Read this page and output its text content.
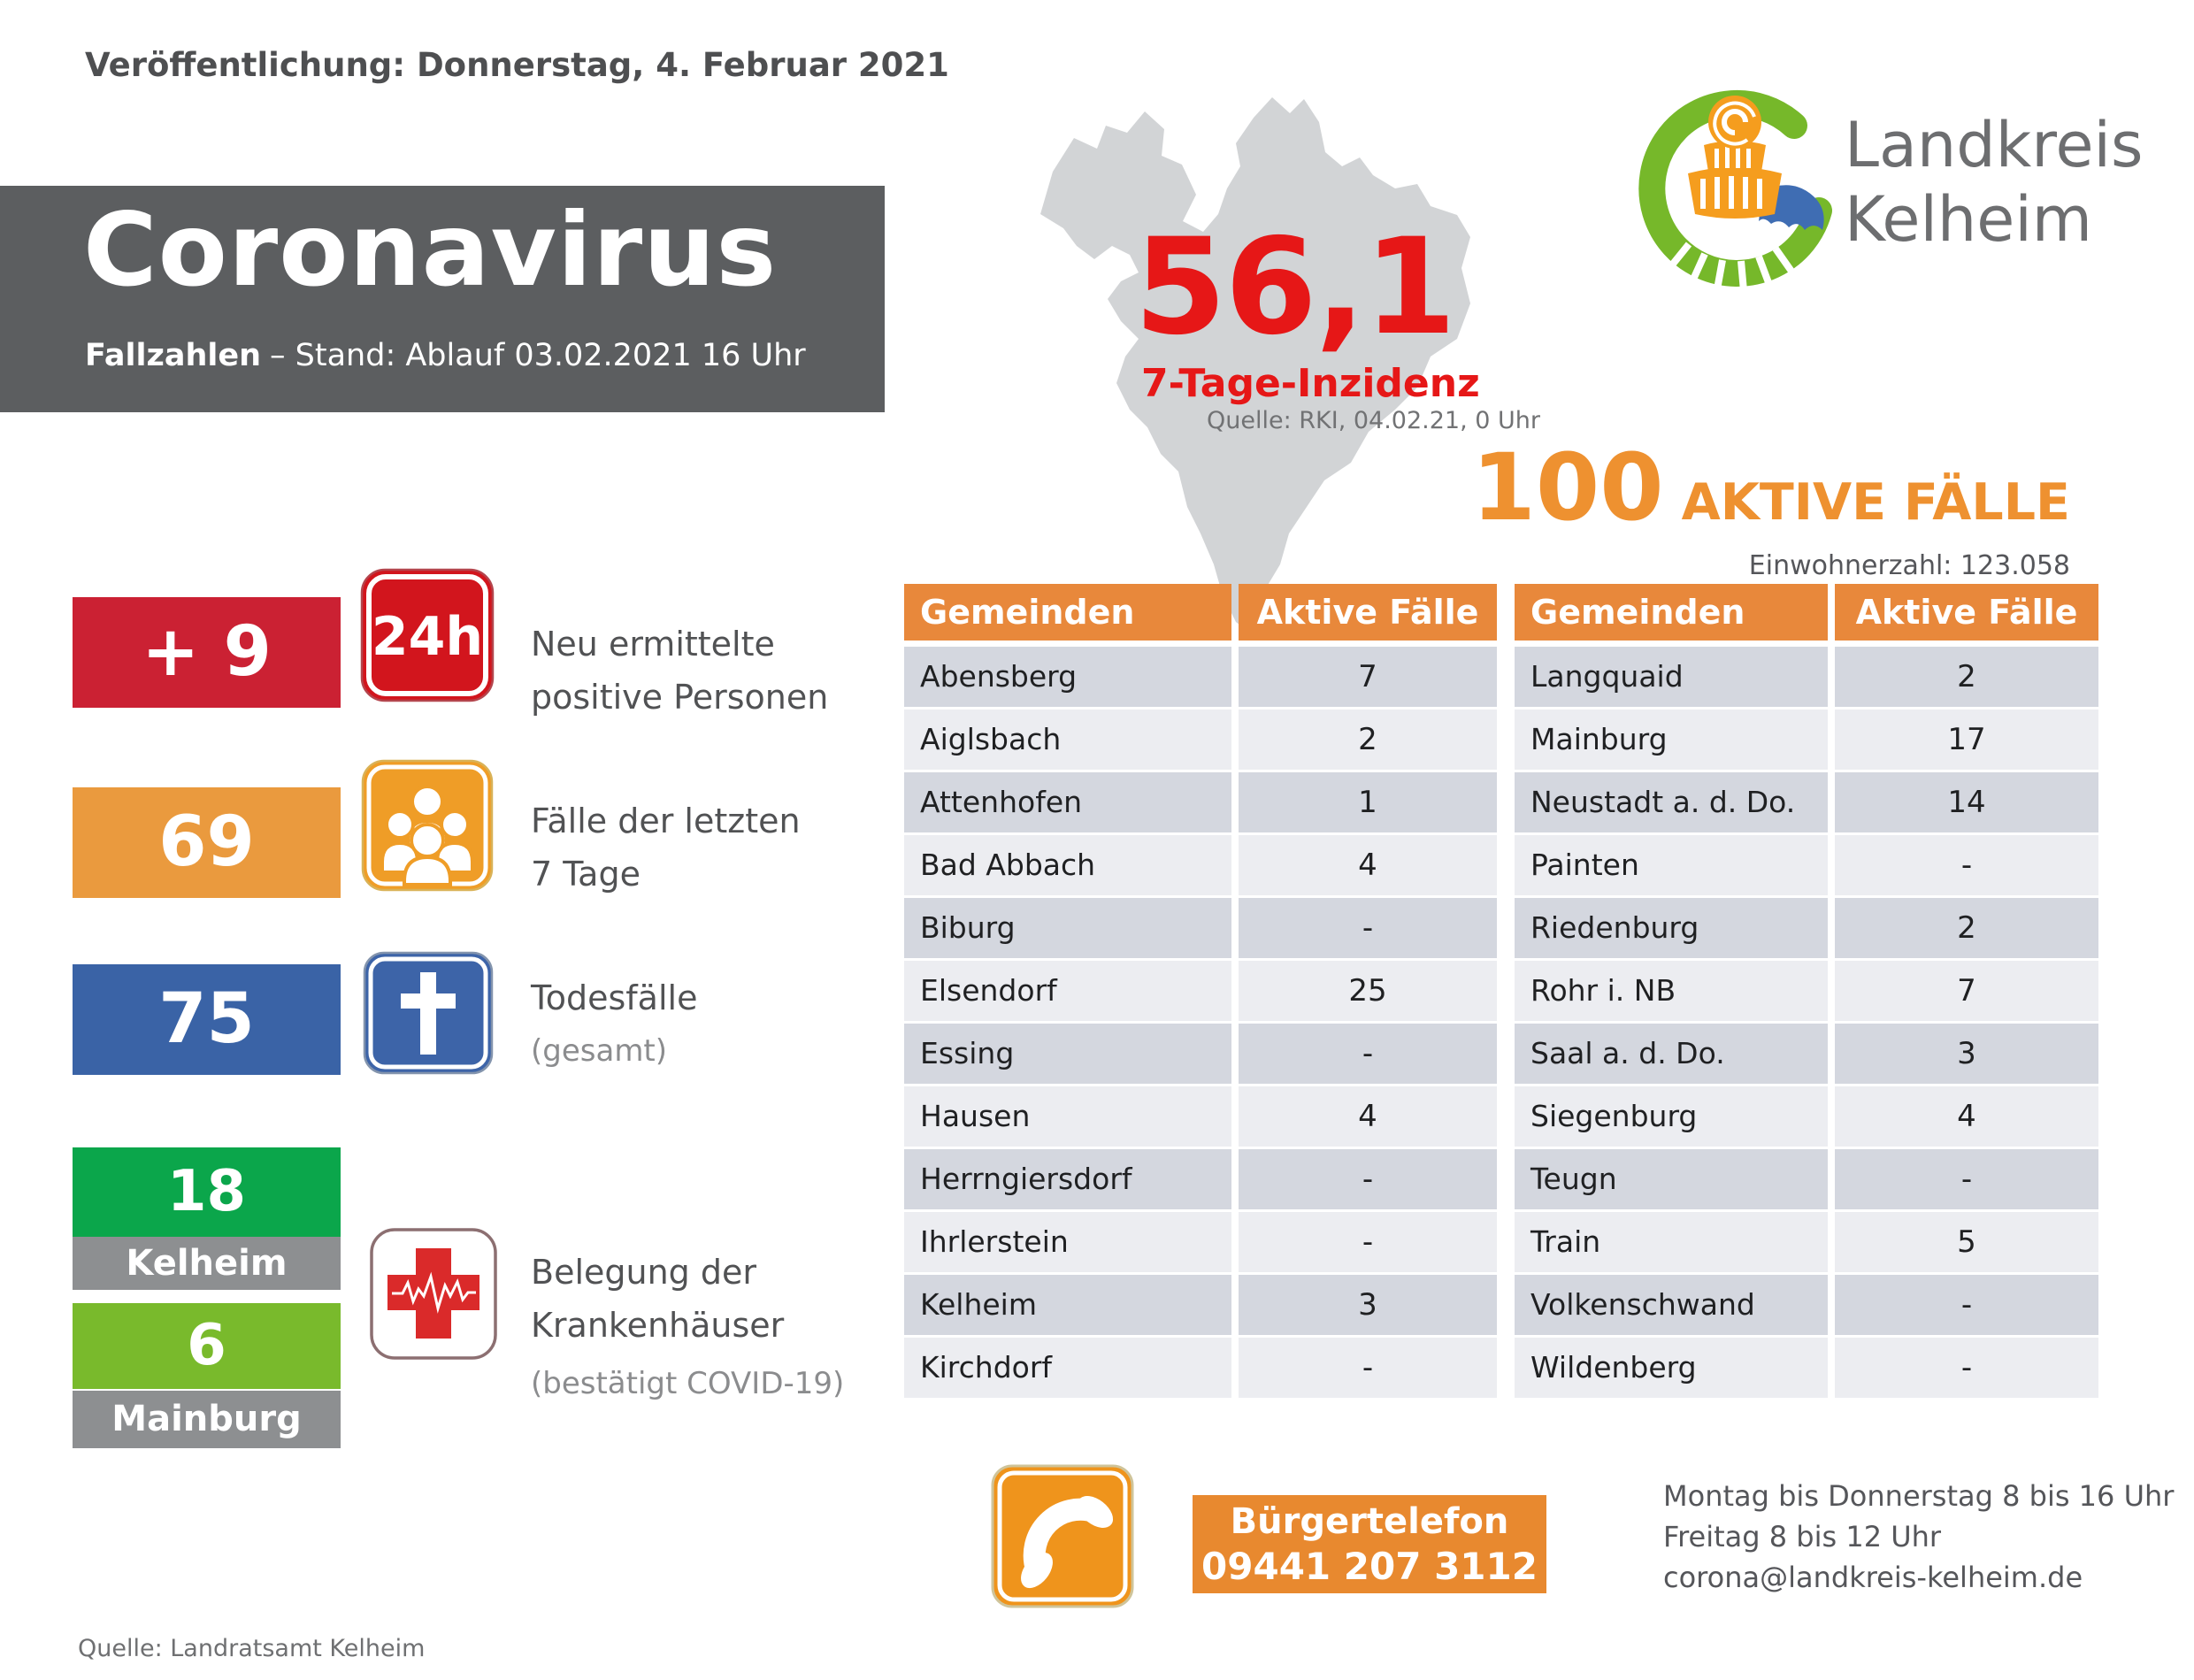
Veröffentlichung: Donnerstag, 4. Februar 2021
Coronavirus
Fallzahlen – Stand: Ablauf 03.02.2021 16 Uhr 56,1
7-Tage-Inzidenz
Quelle: RKI, 04.02.21, 0 Uhr
Landkreis
Kelheim
100 AKTIVE FÄLLE
Einwohnerzahl: 123.058
+ 9	24h Neu ermittelte
positive Personen
69	Fälle der letzten
7 Tage
75	Todesfälle
(gesamt)
18
Kelheim
6
Mainburg
Belegung der
Krankenhäuser
(bestätigt COVID-19)
Gemeinden	Aktive Fälle	Gemeinden	Aktive Fälle
Abensberg	7	Langquaid	2
Aiglsbach	2	Mainburg	17
Attenhofen	1	Neustadt a. d. Do.	14
Bad Abbach	4	Painten	-
Biburg	-	Riedenburg	2
Elsendorf	25	Rohr i. NB	7
Essing	-	Saal a. d. Do.	3
Hausen	4	Siegenburg	4
Herrngiersdorf	-	Teugn	-
Ihrlerstein	-	Train	5
Kelheim	3	Volkenschwand	-
Kirchdorf	-	Wildenberg	-
Bürgertelefon
09441 207 3112
Montag bis Donnerstag 8 bis 16 Uhr
Freitag 8 bis 12 Uhr
corona@landkreis-kelheim.de
Quelle: Landratsamt Kelheim
